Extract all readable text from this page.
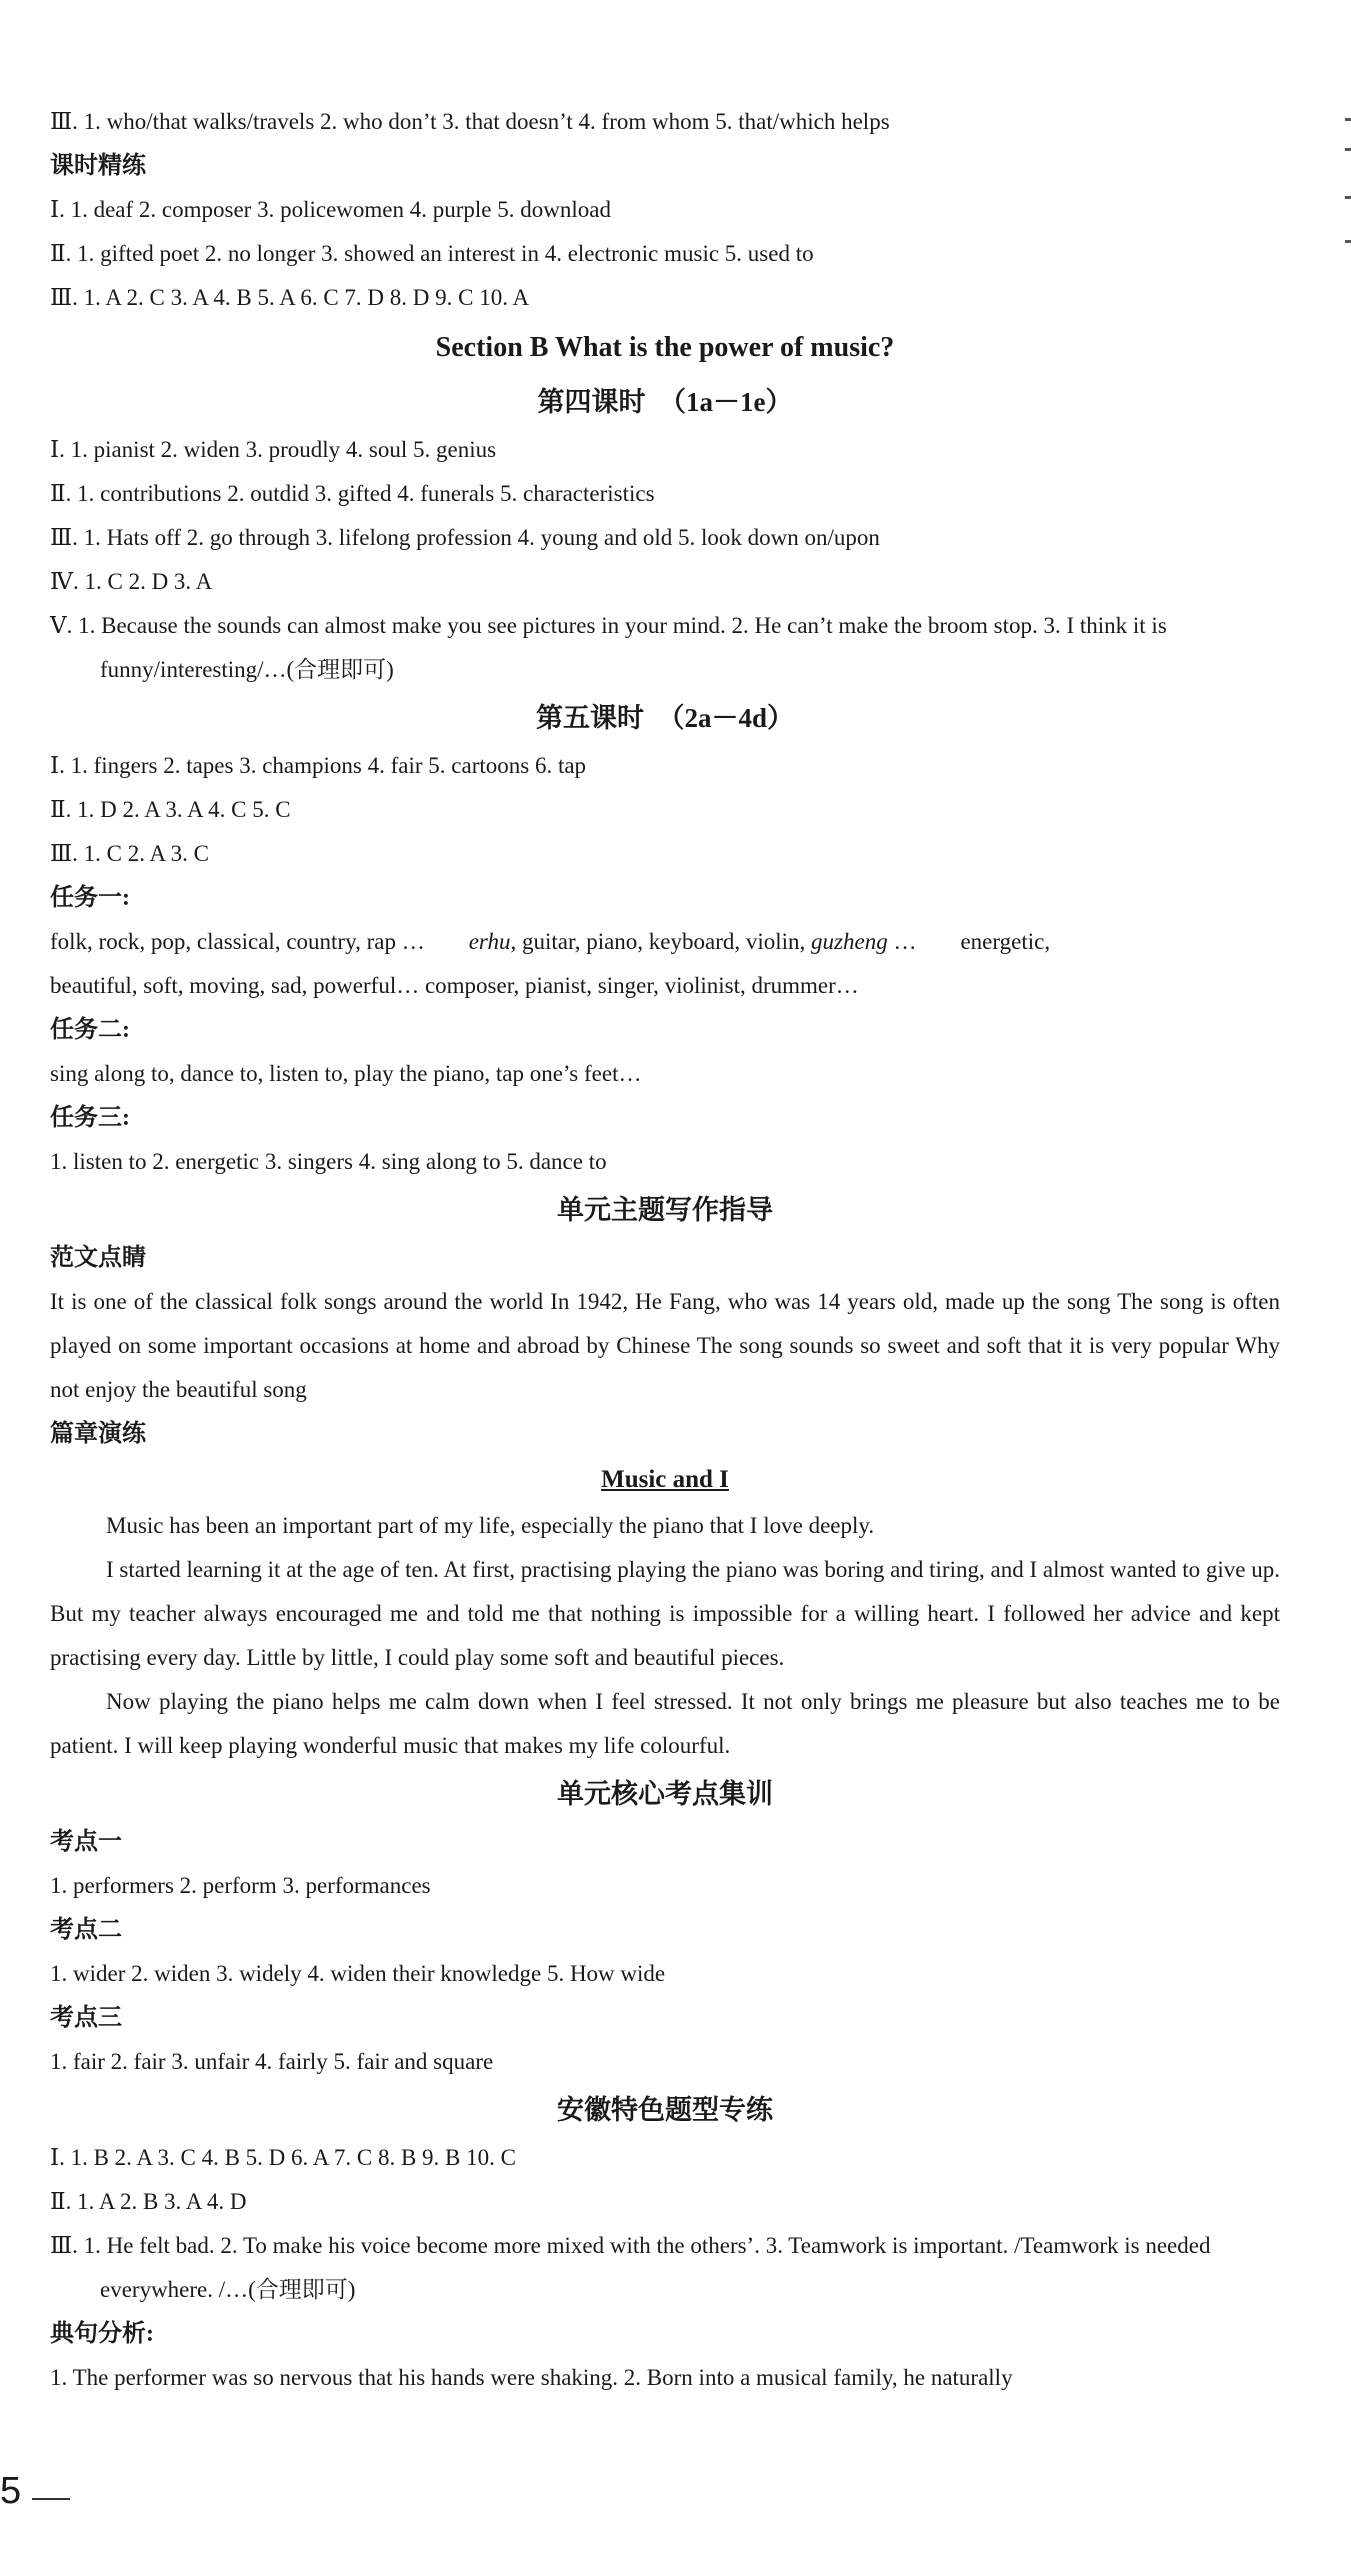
Ⅲ. 1. who/that walks/travels 2. who don’t 3. that doesn’t 4. from whom 5. that/which helps
课时精练
Ⅰ. 1. deaf 2. composer 3. policewomen 4. purple 5. download
Ⅱ. 1. gifted poet 2. no longer 3. showed an interest in 4. electronic music 5. used to
Ⅲ. 1. A 2. C 3. A 4. B 5. A 6. C 7. D 8. D 9. C 10. A
Section B What is the power of music?
第四课时　（1a－1e）
Ⅰ. 1. pianist 2. widen 3. proudly 4. soul 5. genius
Ⅱ. 1. contributions 2. outdid 3. gifted 4. funerals 5. characteristics
Ⅲ. 1. Hats off 2. go through 3. lifelong profession 4. young and old 5. look down on/upon
Ⅳ. 1. C 2. D 3. A
Ⅴ. 1. Because the sounds can almost make you see pictures in your mind. 2. He can’t make the broom stop. 3. I think it is funny/interesting/…(合理即可)
第五课时　（2a－4d）
Ⅰ. 1. fingers 2. tapes 3. champions 4. fair 5. cartoons 6. tap
Ⅱ. 1. D 2. A 3. A 4. C 5. C
Ⅲ. 1. C 2. A 3. C
任务一:
folk, rock, pop, classical, country, rap … erhu, guitar, piano, keyboard, violin, guzheng … energetic,
beautiful, soft, moving, sad, powerful… composer, pianist, singer, violinist, drummer…
任务二:
sing along to, dance to, listen to, play the piano, tap one’s feet…
任务三:
1. listen to 2. energetic 3. singers 4. sing along to 5. dance to
单元主题写作指导
范文点睛
It is one of the classical folk songs around the world In 1942, He Fang, who was 14 years old, made up the song The song is often played on some important occasions at home and abroad by Chinese The song sounds so sweet and soft that it is very popular Why not enjoy the beautiful song
篇章演练
Music and I
Music has been an important part of my life, especially the piano that I love deeply.
I started learning it at the age of ten. At first, practising playing the piano was boring and tiring, and I almost wanted to give up. But my teacher always encouraged me and told me that nothing is impossible for a willing heart. I followed her advice and kept practising every day. Little by little, I could play some soft and beautiful pieces.
Now playing the piano helps me calm down when I feel stressed. It not only brings me pleasure but also teaches me to be patient. I will keep playing wonderful music that makes my life colourful.
单元核心考点集训
考点一
1. performers 2. perform 3. performances
考点二
1. wider 2. widen 3. widely 4. widen their knowledge 5. How wide
考点三
1. fair 2. fair 3. unfair 4. fairly 5. fair and square
安徽特色题型专练
Ⅰ. 1. B 2. A 3. C 4. B 5. D 6. A 7. C 8. B 9. B 10. C
Ⅱ. 1. A 2. B 3. A 4. D
Ⅲ. 1. He felt bad. 2. To make his voice become more mixed with the others’. 3. Teamwork is important. /Teamwork is needed everywhere. /…(合理即可)
典句分析:
1. The performer was so nervous that his hands were shaking. 2. Born into a musical family, he naturally
5
